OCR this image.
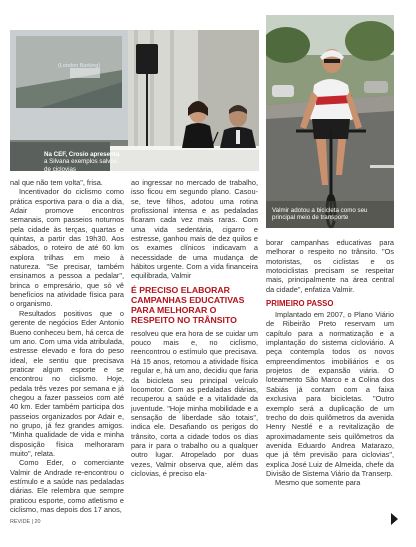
(London Barking)
Na CEF, Crosio apresenta a Silvana exemplos salvos de ciclovias
Valmir adotou a bicicleta como seu principal meio de transporte

nal que não tem volta", frisa.

Incentivador do ciclismo como prática esportiva para o dia a dia, Adair promove encontros semanais, com passeios noturnos pela cidade às terças, quartas e quintas, a partir das 19h30. Aos sábados, o roteiro de até 60 km explora trilhas em meio à natureza. "Se precisar, também ensinamos a pessoa a pedalar", brinca o empresário, que só vê benefícios na atividade física para o organismo.

Resultados positivos que o gerente de negócios Eder Antonio Bueno conheceu bem, há cerca de um ano. Com uma vida atribulada, estresse elevado e fora do peso ideal, ele sentiu que precisava praticar algum esporte e se encontrou no ciclismo. Hoje, pedala três vezes por semana e já chegou a fazer passeios com até 40 km. Eder também participa dos passeios organizados por Adair e, no grupo, já fez grandes amigos. "Minha qualidade de vida e minha disposição física melhoraram muito", relata.

Como Eder, o comerciante Valmir de Andrade re-encontrou o estímulo e a saúde nas pedaladas diárias. Ele relembra que sempre praticou esporte, como atletismo e ciclismo, mas depois dos 17 anos,

ao ingressar no mercado de trabalho, isso ficou em segundo plano. Casou-se, teve filhos, adotou uma rotina profissional intensa e as pedaladas ficaram cada vez mais raras. Com uma vida sedentária, cigarro e estresse, ganhou mais de dez quilos e os exames clínicos indicavam a necessidade de uma mudança de hábitos urgente. Com a vida financeira equilibrada, Valmir

É PRECISO ELABORAR CAMPANHAS EDUCATIVAS PARA MELHORAR O RESPEITO NO TRÂNSITO

resolveu que era hora de se cuidar um pouco mais e, no ciclismo, reencontrou o estímulo que precisava. Há 15 anos, retomou a atividade física regular e, há um ano, decidiu que faria da bicicleta seu principal veículo locomotor. Com as pedaladas diárias, recuperou a saúde e a vitalidade da juventude. "Hoje minha mobilidade e a sensação de liberdade são totais", indica ele. Desafiando os perigos do trânsito, corta a cidade todos os dias para ir para o trabalho ou a qualquer outro lugar. Atropelado por duas vezes, Valmir observa que, além das ciclovias, é preciso ela-

borar campanhas educativas para melhorar o respeito no trânsito. "Os motoristas, os ciclistas e os motociclistas precisam se respeitar mais, principalmente na área central da cidade", enfatiza Valmir.

PRIMEIRO PASSO

Implantado em 2007, o Plano Viário de Ribeirão Preto reservam um capítulo para a normatização e a implantação do sistema cicloviário. A peça contempla todos os novos empreendimentos imobiliários e os projetos de expansão viária. O loteamento São Marco e a Colina dos Sabiás já contam com a faixa exclusiva para bicicletas. "Outro exemplo será a duplicação de um trecho do dois quilômetros da avenida Henry Nestlé e a revitalização de aproximadamente seis quilômetros da avenida Eduardo Andrea Matarazo, que já têm previsão para ciclovias", explica José Luiz de Almeida, chefe da Divisão de Sistema Viário da Transerp.

Mesmo que somente para

REVIDE | 20
